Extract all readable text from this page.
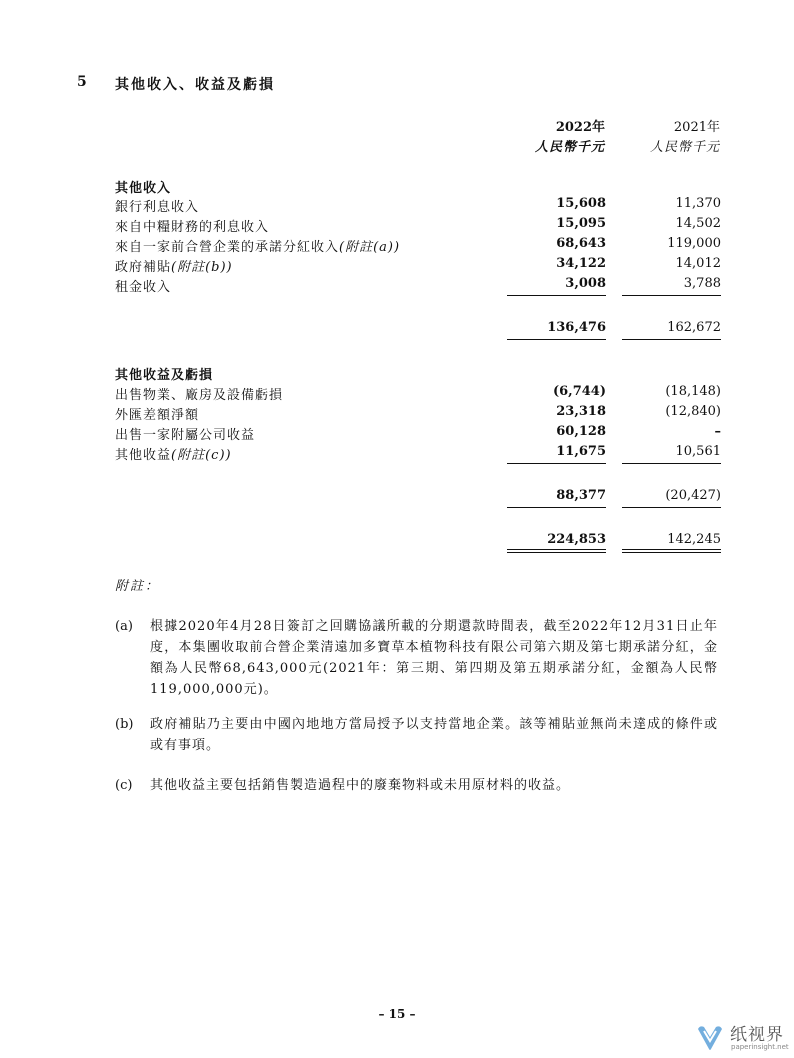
5 其他收入、收益及虧損
2022年
人民幣千元
2021年
人民幣千元
其他收入
銀行利息收入	15,608	11,370
來自中糧財務的利息收入	15,095	14,502
來自一家前合營企業的承諾分紅收入(附註(a))	68,643	119,000
政府補貼(附註(b))	34,122	14,012
租金收入	3,008	3,788
136,476	162,672
其他收益及虧損
出售物業、廠房及設備虧損	(6,744)	(18,148)
外匯差額淨額	23,318	(12,840)
出售一家附屬公司收益	60,128	–
其他收益(附註(c))	11,675	10,561
88,377	(20,427)
224,853	142,245
附註：
(a) 根據2020年4月28日簽訂之回購協議所載的分期還款時間表，截至2022年12月31日止年度，本集團收取前合營企業清遠加多寶草本植物科技有限公司第六期及第七期承諾分紅，金額為人民幣68,643,000元(2021年：第三期、第四期及第五期承諾分紅，金額為人民幣119,000,000元)。
(b) 政府補貼乃主要由中國內地地方當局授予以支持當地企業。該等補貼並無尚未達成的條件或或有事項。
(c) 其他收益主要包括銷售製造過程中的廢棄物料或未用原材料的收益。
– 15 –
纸视界
paperinsight.net
